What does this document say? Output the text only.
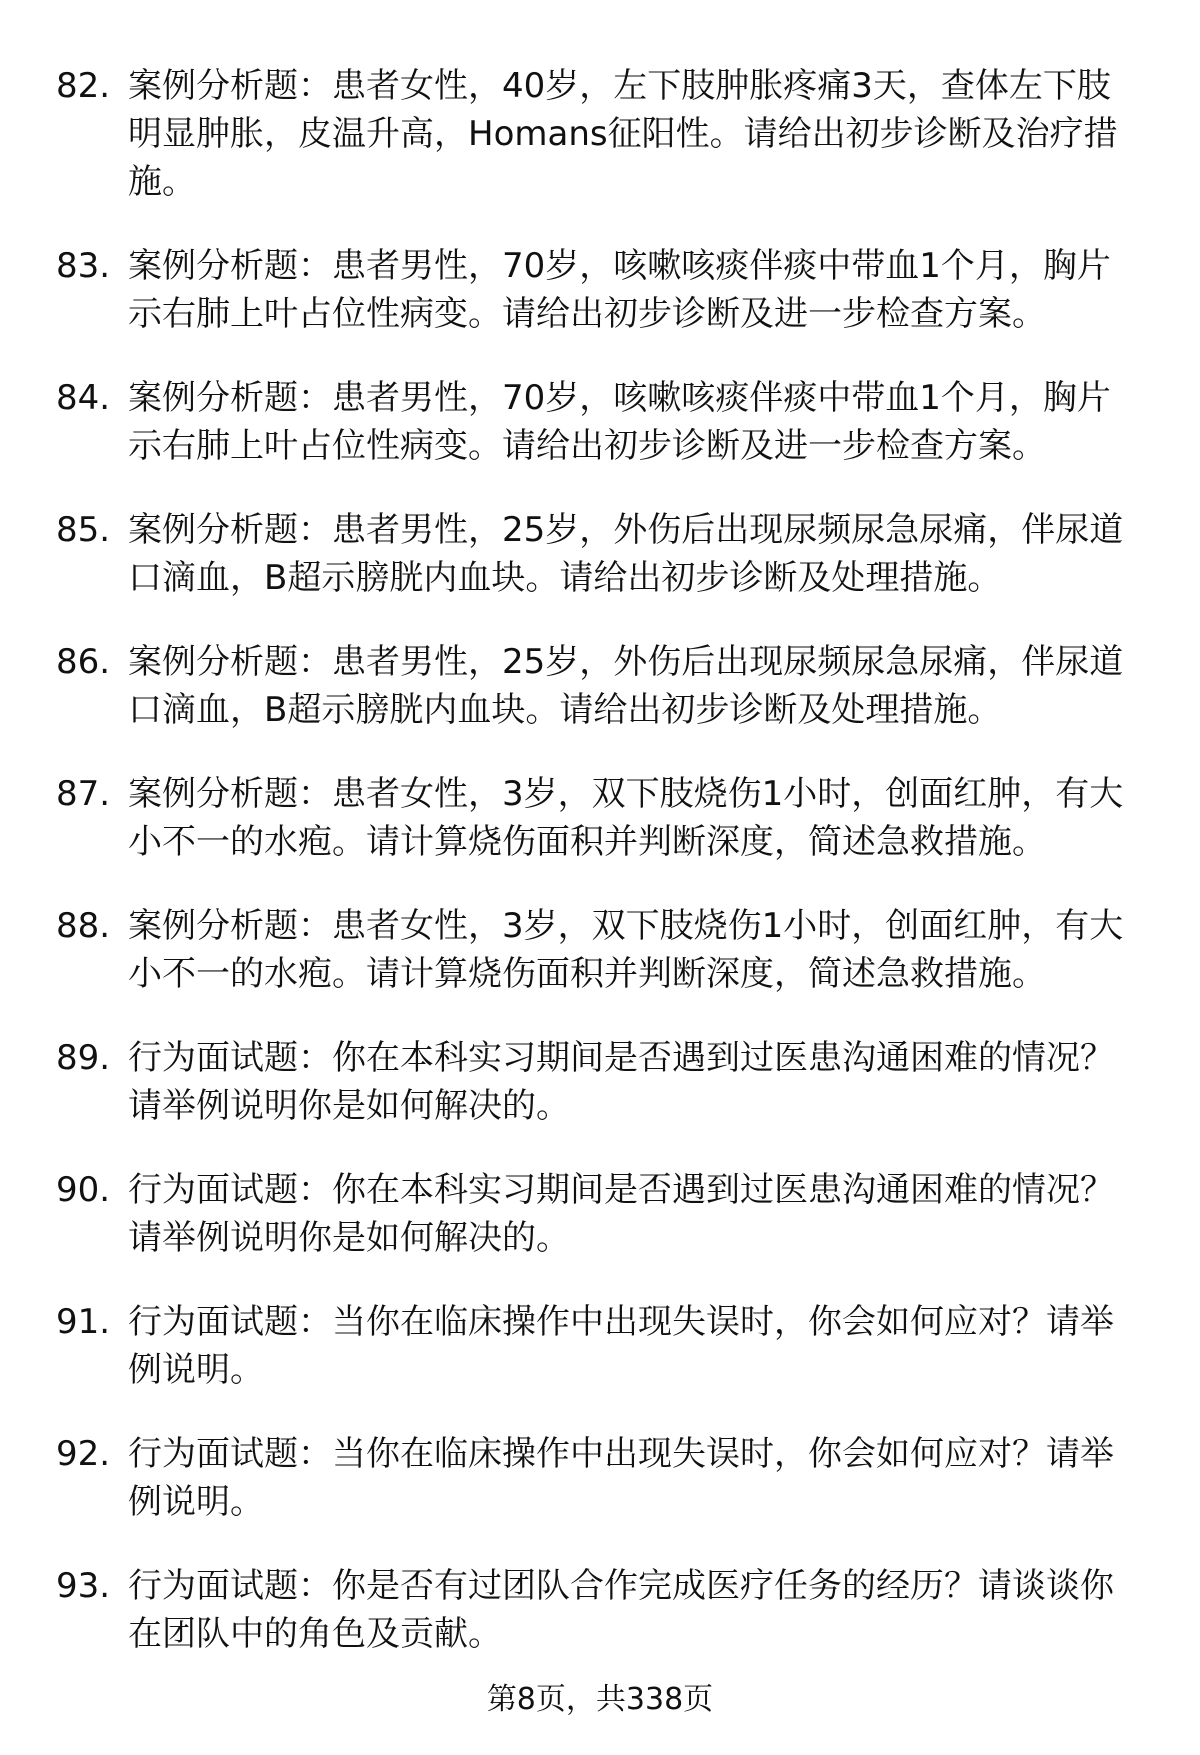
82. 案例分析题：患者女性，40岁，左下肢肿胀疼痛3天，查体左下肢明显肿胀，皮温升高，Homans征阳性。请给出初步诊断及治疗措施。
83. 案例分析题：患者男性，70岁，咳嗽咳痰伴痰中带血1个月，胸片示右肺上叶占位性病变。请给出初步诊断及进一步检查方案。
84. 案例分析题：患者男性，70岁，咳嗽咳痰伴痰中带血1个月，胸片示右肺上叶占位性病变。请给出初步诊断及进一步检查方案。
85. 案例分析题：患者男性，25岁，外伤后出现尿频尿急尿痛，伴尿道口滴血，B超示膀胱内血块。请给出初步诊断及处理措施。
86. 案例分析题：患者男性，25岁，外伤后出现尿频尿急尿痛，伴尿道口滴血，B超示膀胱内血块。请给出初步诊断及处理措施。
87. 案例分析题：患者女性，3岁，双下肢烧伤1小时，创面红肿，有大小不一的水疱。请计算烧伤面积并判断深度，简述急救措施。
88. 案例分析题：患者女性，3岁，双下肢烧伤1小时，创面红肿，有大小不一的水疱。请计算烧伤面积并判断深度，简述急救措施。
89. 行为面试题：你在本科实习期间是否遇到过医患沟通困难的情况？请举例说明你是如何解决的。
90. 行为面试题：你在本科实习期间是否遇到过医患沟通困难的情况？请举例说明你是如何解决的。
91. 行为面试题：当你在临床操作中出现失误时，你会如何应对？请举例说明。
92. 行为面试题：当你在临床操作中出现失误时，你会如何应对？请举例说明。
93. 行为面试题：你是否有过团队合作完成医疗任务的经历？请谈谈你在团队中的角色及贡献。
第8页，共338页
